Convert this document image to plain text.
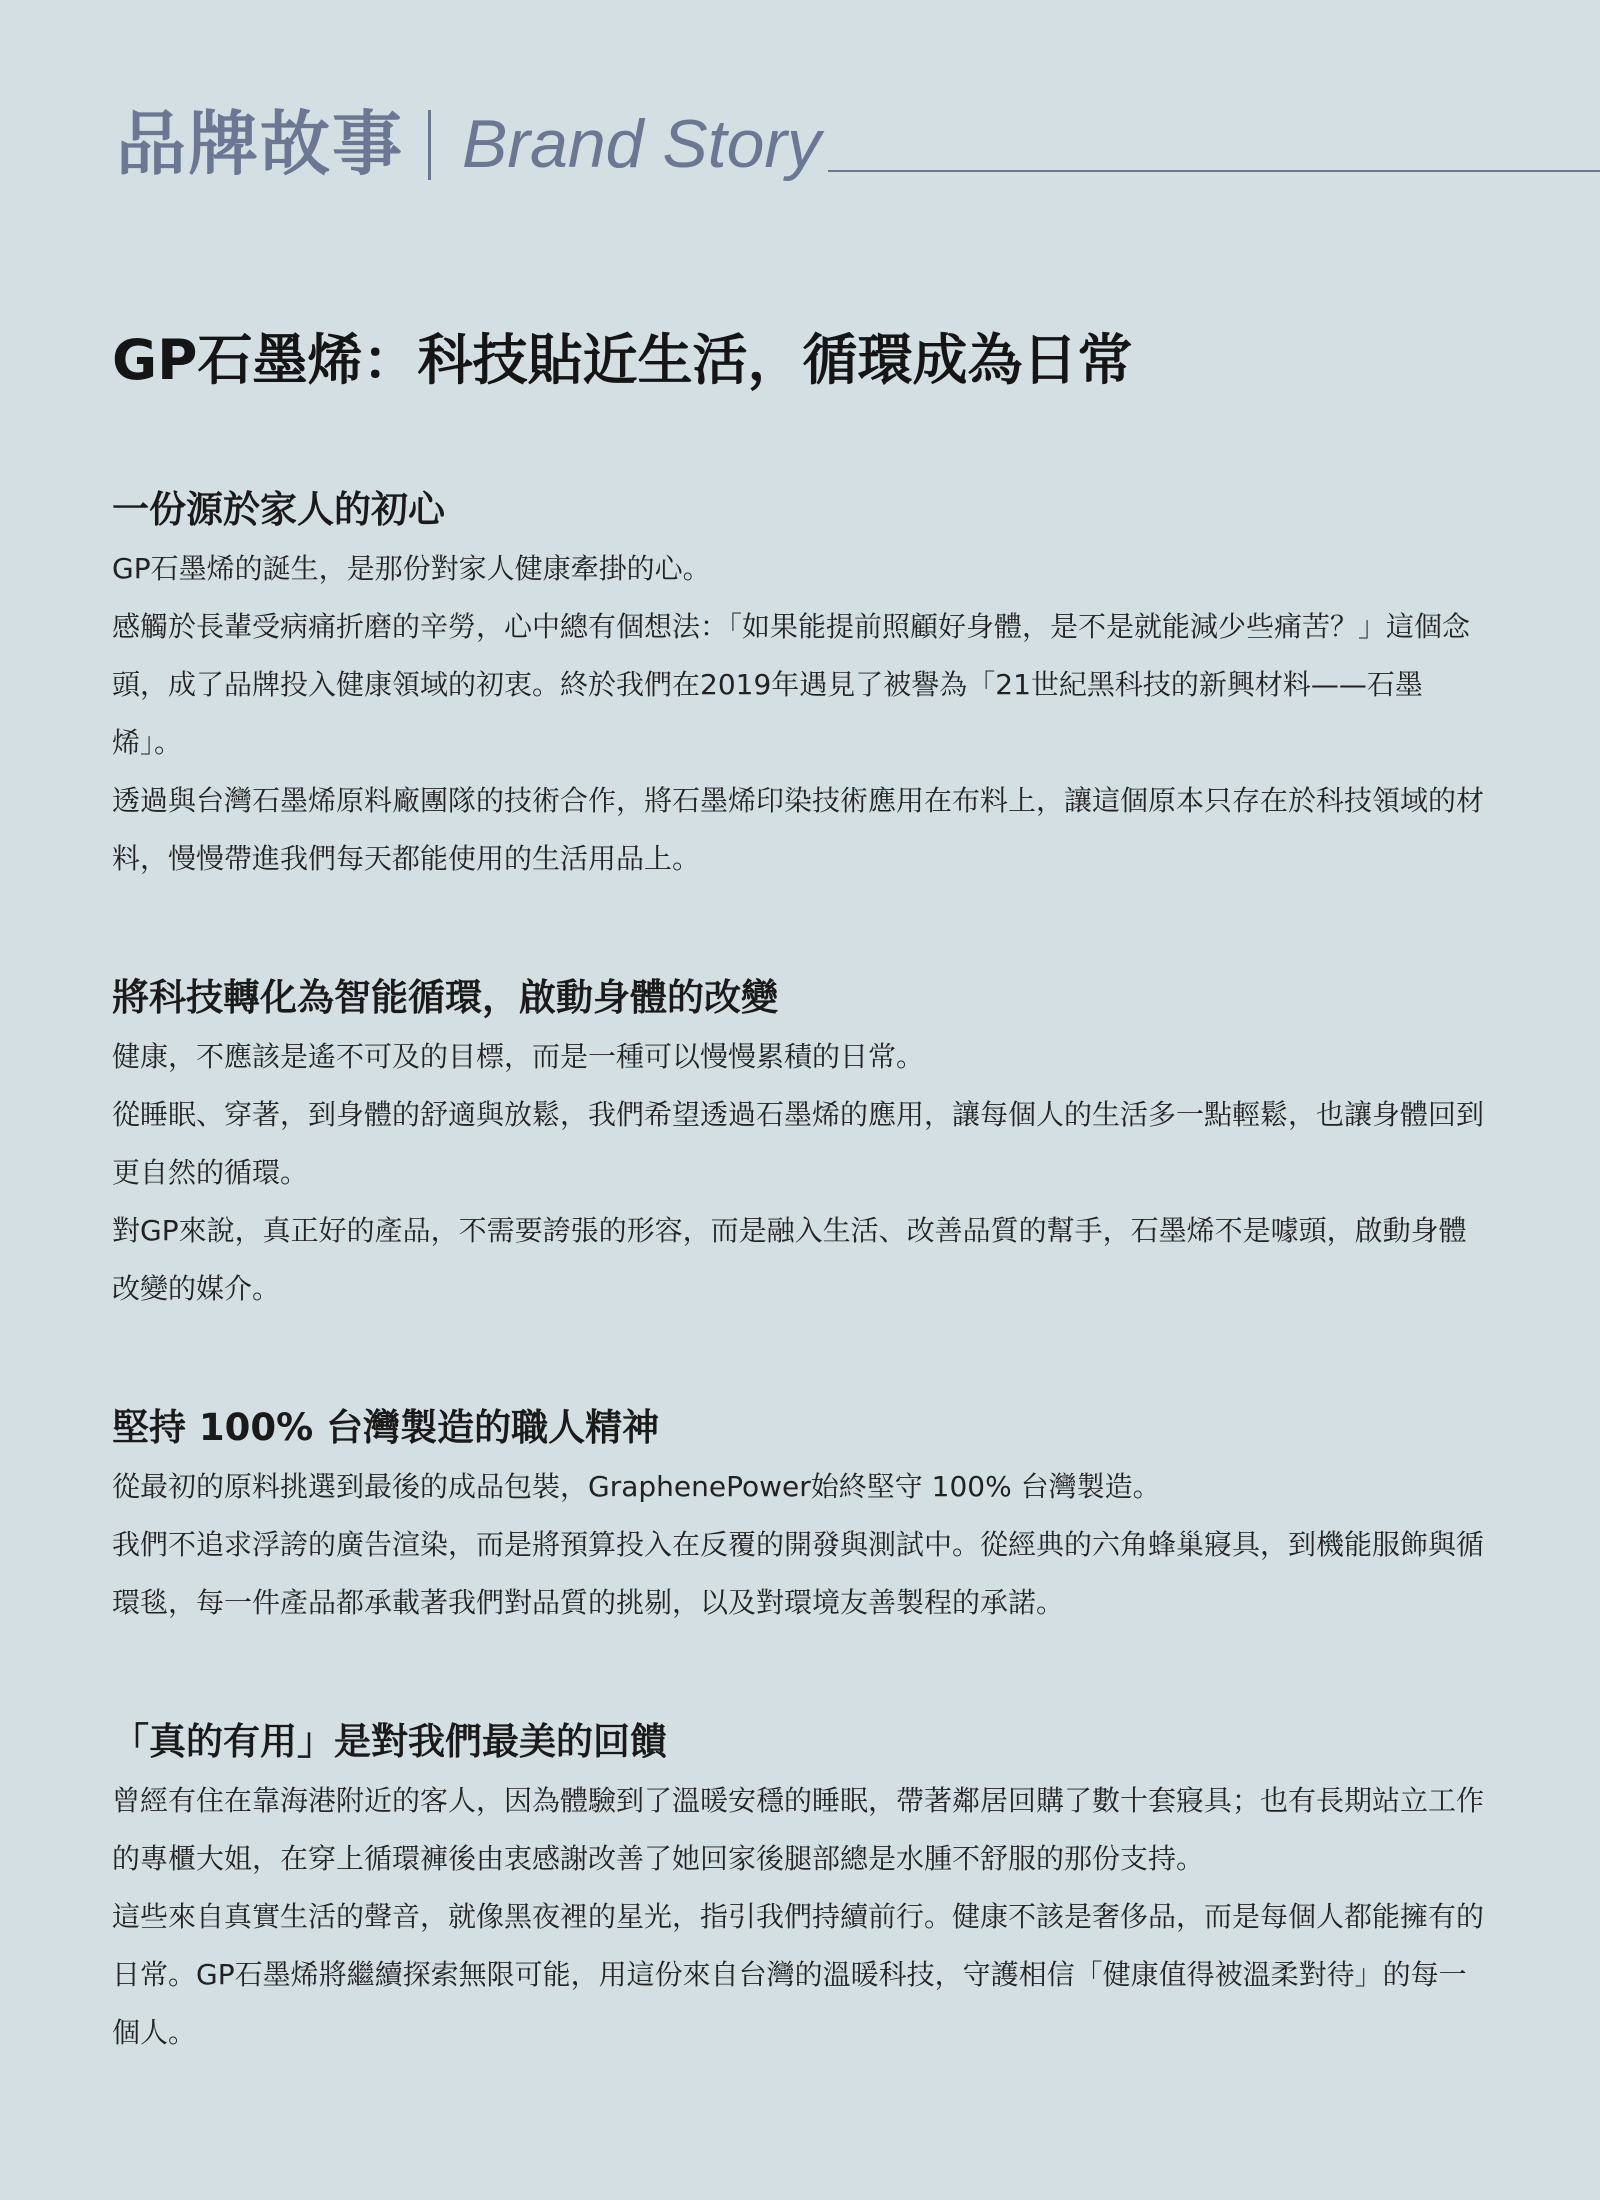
品牌故事 Brand Story
GP石墨烯：科技貼近生活，循環成為日常
一份源於家人的初心

GP石墨烯的誕生，是那份對家人健康牽掛的心。

感觸於長輩受病痛折磨的辛勞，心中總有個想法：「如果能提前照顧好身體，是不是就能減少些痛苦？」這個念頭，成了品牌投入健康領域的初衷。終於我們在2019年遇見了被譽為「21世紀黑科技的新興材料——石墨烯」。

透過與台灣石墨烯原料廠團隊的技術合作，將石墨烯印染技術應用在布料上，讓這個原本只存在於科技領域的材料，慢慢帶進我們每天都能使用的生活用品上。

將科技轉化為智能循環，啟動身體的改變

健康，不應該是遙不可及的目標，而是一種可以慢慢累積的日常。

從睡眠、穿著，到身體的舒適與放鬆，我們希望透過石墨烯的應用，讓每個人的生活多一點輕鬆，也讓身體回到更自然的循環。

對GP來說，真正好的產品，不需要誇張的形容，而是融入生活、改善品質的幫手，石墨烯不是噱頭，啟動身體改變的媒介。

堅持 100% 台灣製造的職人精神

從最初的原料挑選到最後的成品包裝，GraphenePower始終堅守 100% 台灣製造。

我們不追求浮誇的廣告渲染，而是將預算投入在反覆的開發與測試中。從經典的六角蜂巢寢具，到機能服飾與循環毯，每一件產品都承載著我們對品質的挑剔，以及對環境友善製程的承諾。

「真的有用」是對我們最美的回饋

曾經有住在靠海港附近的客人，因為體驗到了溫暖安穩的睡眠，帶著鄰居回購了數十套寢具；也有長期站立工作的專櫃大姐，在穿上循環褲後由衷感謝改善了她回家後腿部總是水腫不舒服的那份支持。

這些來自真實生活的聲音，就像黑夜裡的星光，指引我們持續前行。健康不該是奢侈品，而是每個人都能擁有的日常。GP石墨烯將繼續探索無限可能，用這份來自台灣的溫暖科技，守護相信「健康值得被溫柔對待」的每一個人。
